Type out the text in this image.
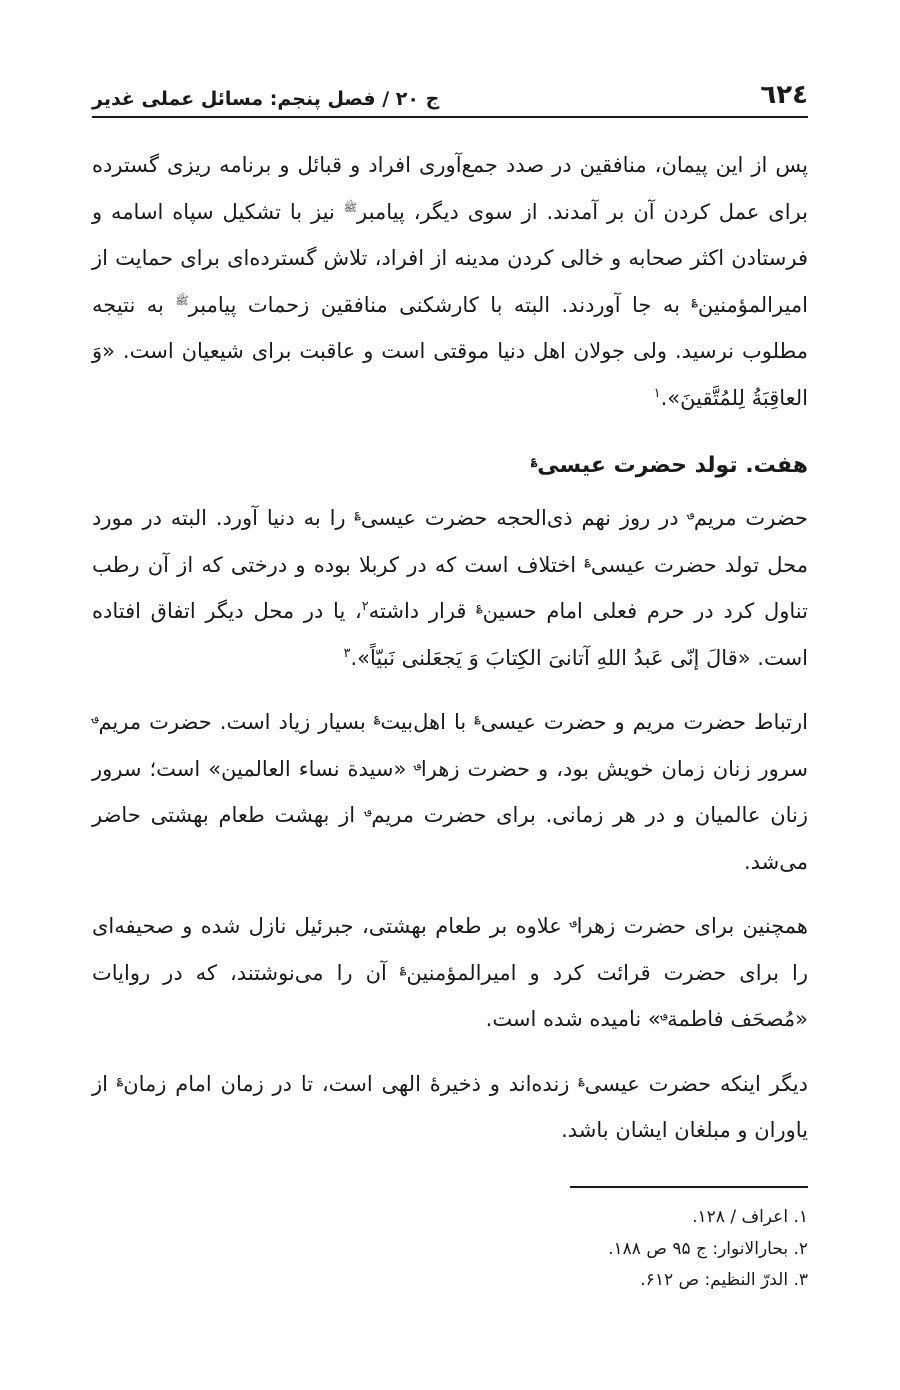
٦٢٤
ج ۲۰ / فصل پنجم: مسائل عملی غدیر

پس از این پیمان، منافقین در صدد جمع‌آوری افراد و قبائل و برنامه ریزی گسترده برای عمل کردن آن بر آمدند. از سوی دیگر، پیامبر$^ﷺ$ نیز با تشکیل سپاه اسامه و فرستادن اکثر صحابه و خالی کردن مدینه از افراد، تلاش گسترده‌ای برای حمایت از امیرالمؤمنین؏ به جا آوردند. البته با کارشکنی منافقین زحمات پیامبر$^ﷺ$ به نتیجه مطلوب نرسید. ولی جولان اهل دنیا موقتی است و عاقبت برای شیعیان است. «وَ العاقِبَةُ لِلمُتَّقینَ».$^۱$

هفت. تولد حضرت عیسی؏

حضرت مریم؈ در روز نهم ذی‌الحجه حضرت عیسی؏ را به دنیا آورد. البته در مورد محل تولد حضرت عیسی؏ اختلاف است که در کربلا بوده و درختی که از آن رطب تناول کرد در حرم فعلی امام حسین؏ قرار داشته$^۲$، یا در محل دیگر اتفاق افتاده است. «قالَ إنّی عَبدُ اللهِ آتانیَ الکِتابَ وَ یَجعَلنی نَبیّاً».$^۳$

ارتباط حضرت مریم و حضرت عیسی؏ با اهل‌بیت؏ بسیار زیاد است. حضرت مریم؈ سرور زنان زمان خویش بود، و حضرت زهرا؈ «سیدة نساء العالمین» است؛ سرور زنان عالمیان و در هر زمانی. برای حضرت مریم؈ از بهشت طعام بهشتی حاضر می‌شد.

همچنین برای حضرت زهرا؈ علاوه بر طعام بهشتی، جبرئیل نازل شده و صحیفه‌ای را برای حضرت قرائت کرد و امیرالمؤمنین؏ آن را می‌نوشتند، که در روایات «مُصحَف فاطمة؈» نامیده شده است.

دیگر اینکه حضرت عیسی؏ زنده‌اند و ذخیرهٔ الهی است، تا در زمان امام زمان؏ از یاوران و مبلغان ایشان باشد.

۱. اعراف / ۱۲۸.

۲. بحارالانوار: ج ۹۵ ص ۱۸۸.

۳. الدرّ النظیم: ص ۶۱۲.
